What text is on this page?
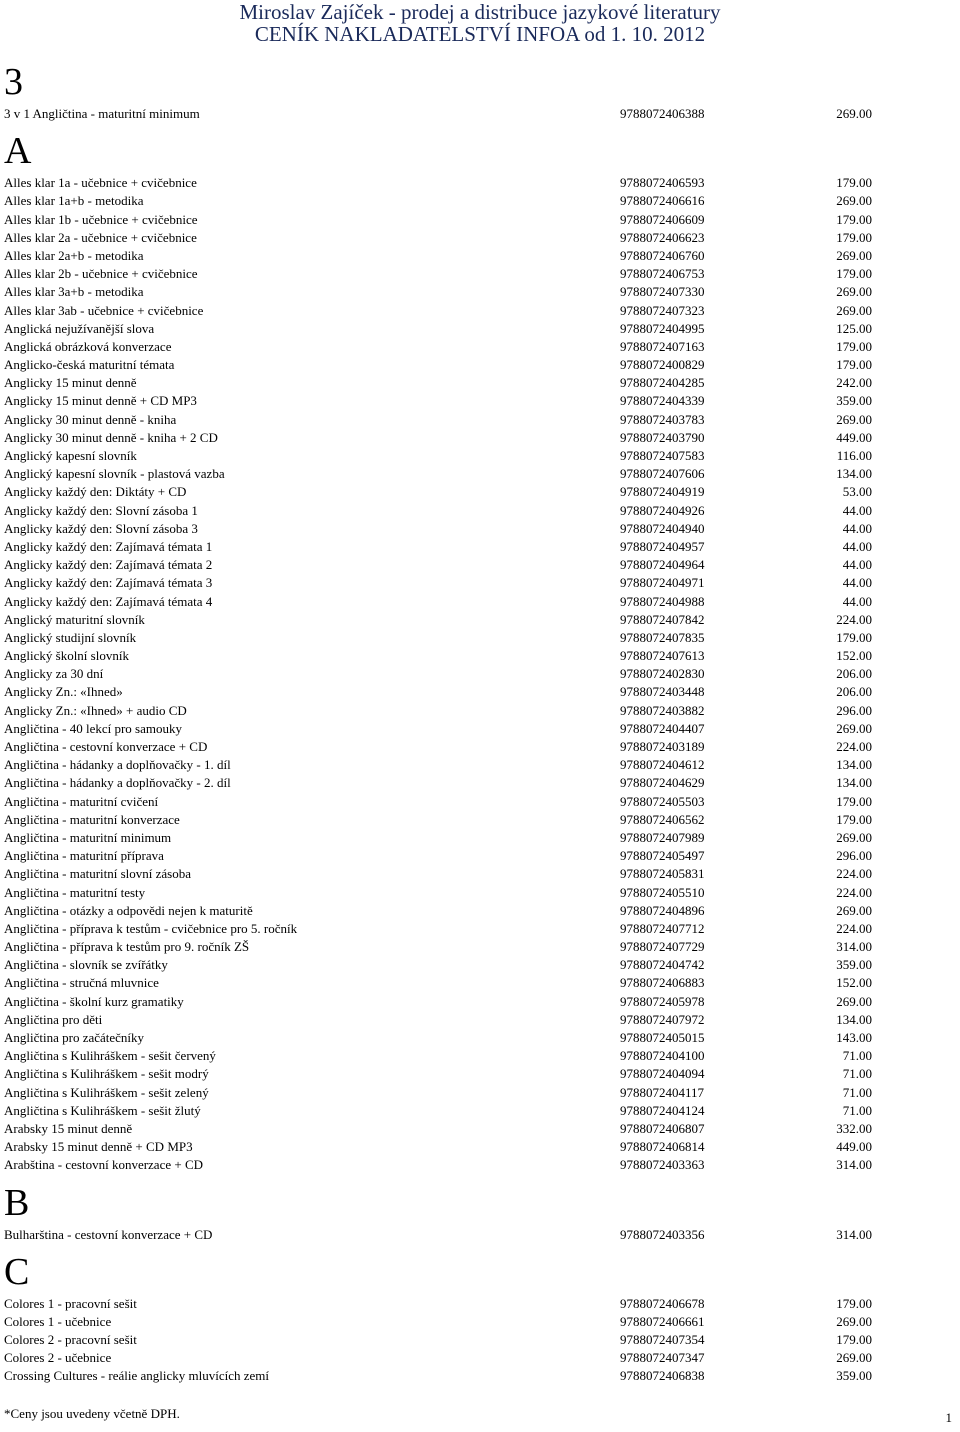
Miroslav Zajíček - prodej a distribuce jazykové literatury
CENÍK NAKLADATELSTVÍ INFOA od 1. 10. 2012
3
3 v 1 Angličtina - maturitní minimum	9788072406388	269.00
A
Alles klar 1a - učebnice + cvičebnice	9788072406593	179.00
Alles klar 1a+b - metodika	9788072406616	269.00
Alles klar 1b - učebnice + cvičebnice	9788072406609	179.00
Alles klar 2a - učebnice + cvičebnice	9788072406623	179.00
Alles klar 2a+b - metodika	9788072406760	269.00
Alles klar 2b - učebnice + cvičebnice	9788072406753	179.00
Alles klar 3a+b - metodika	9788072407330	269.00
Alles klar 3ab - učebnice + cvičebnice	9788072407323	269.00
Anglická nejužívanější slova	9788072404995	125.00
Anglická obrázková konverzace	9788072407163	179.00
Anglicko-česká maturitní témata	9788072400829	179.00
Anglicky 15 minut denně	9788072404285	242.00
Anglicky 15 minut denně + CD MP3	9788072404339	359.00
Anglicky 30 minut denně - kniha	9788072403783	269.00
Anglicky 30 minut denně - kniha + 2 CD	9788072403790	449.00
Anglický kapesní slovník	9788072407583	116.00
Anglický kapesní slovník - plastová vazba	9788072407606	134.00
Anglicky každý den: Diktáty + CD	9788072404919	53.00
Anglicky každý den: Slovní zásoba 1	9788072404926	44.00
Anglicky každý den: Slovní zásoba 3	9788072404940	44.00
Anglicky každý den: Zajímavá témata 1	9788072404957	44.00
Anglicky každý den: Zajímavá témata 2	9788072404964	44.00
Anglicky každý den: Zajímavá témata 3	9788072404971	44.00
Anglicky každý den: Zajímavá témata 4	9788072404988	44.00
Anglický maturitní slovník	9788072407842	224.00
Anglický studijní slovník	9788072407835	179.00
Anglický školní slovník	9788072407613	152.00
Anglicky za 30 dní	9788072402830	206.00
Anglicky Zn.: «Ihned»	9788072403448	206.00
Anglicky Zn.: «Ihned» + audio CD	9788072403882	296.00
Angličtina - 40 lekcí pro samouky	9788072404407	269.00
Angličtina - cestovní konverzace + CD	9788072403189	224.00
Angličtina - hádanky a doplňovačky - 1. díl	9788072404612	134.00
Angličtina - hádanky a doplňovačky - 2. díl	9788072404629	134.00
Angličtina - maturitní cvičení	9788072405503	179.00
Angličtina - maturitní konverzace	9788072406562	179.00
Angličtina - maturitní minimum	9788072407989	269.00
Angličtina - maturitní příprava	9788072405497	296.00
Angličtina - maturitní slovní zásoba	9788072405831	224.00
Angličtina - maturitní testy	9788072405510	224.00
Angličtina - otázky a odpovědi nejen k maturitě	9788072404896	269.00
Angličtina - příprava k testům - cvičebnice pro 5. ročník	9788072407712	224.00
Angličtina - příprava k testům pro 9. ročník ZŠ	9788072407729	314.00
Angličtina - slovník se zvířátky	9788072404742	359.00
Angličtina - stručná mluvnice	9788072406883	152.00
Angličtina - školní kurz gramatiky	9788072405978	269.00
Angličtina pro děti	9788072407972	134.00
Angličtina pro začátečníky	9788072405015	143.00
Angličtina s Kulihráškem - sešit červený	9788072404100	71.00
Angličtina s Kulihráškem - sešit modrý	9788072404094	71.00
Angličtina s Kulihráškem - sešit zelený	9788072404117	71.00
Angličtina s Kulihráškem - sešit žlutý	9788072404124	71.00
Arabsky 15 minut denně	9788072406807	332.00
Arabsky 15 minut denně + CD MP3	9788072406814	449.00
Arabština - cestovní konverzace + CD	9788072403363	314.00
B
Bulharština - cestovní konverzace + CD	9788072403356	314.00
C
Colores 1 - pracovní sešit	9788072406678	179.00
Colores 1 - učebnice	9788072406661	269.00
Colores 2 - pracovní sešit	9788072407354	179.00
Colores 2 - učebnice	9788072407347	269.00
Crossing Cultures - reálie anglicky mluvících zemí	9788072406838	359.00
*Ceny jsou uvedeny včetně DPH.	1
